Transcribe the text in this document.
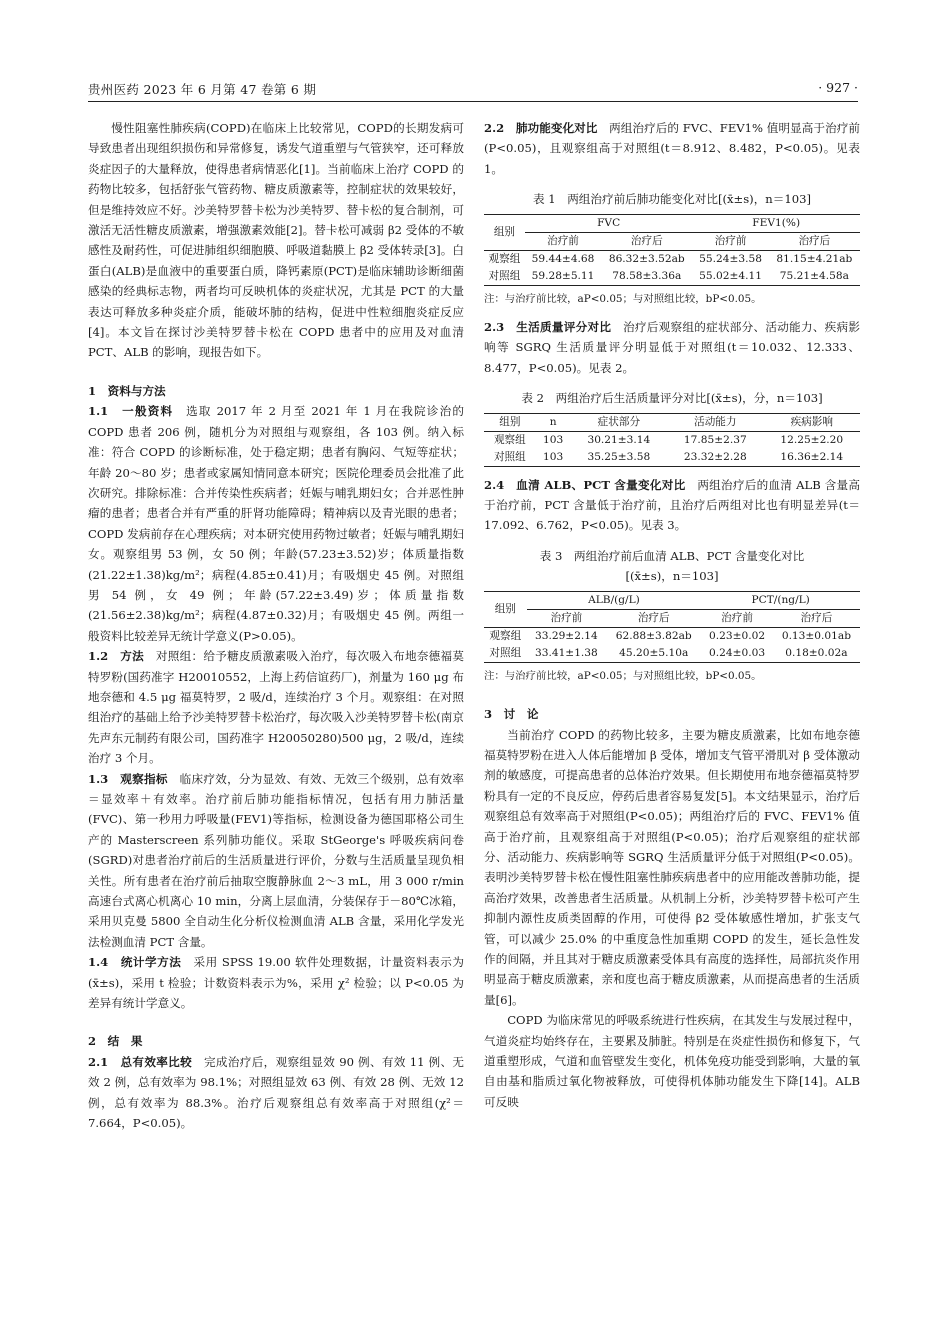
贵州医药 2023 年 6 月第 47 卷第 6 期	· 927 ·

慢性阻塞性肺疾病(COPD)在临床上比较常见，COPD的长期发病可导致患者出现组织损伤和异常修复，诱发气道重塑与气管狭窄，还可释放炎症因子的大量释放，使得患者病情恶化[1]。当前临床上治疗 COPD 的药物比较多，包括舒张气管药物、糖皮质激素等，控制症状的效果较好，但是维持效应不好。沙美特罗替卡松为沙美特罗、替卡松的复合制剂，可激活无活性糖皮质激素，增强激素效能[2]。替卡松可减弱 β2 受体的不敏感性及耐药性，可促进肺组织细胞膜、呼吸道黏膜上 β2 受体转录[3]。白蛋白(ALB)是血液中的重要蛋白质，降钙素原(PCT)是临床辅助诊断细菌感染的经典标志物，两者均可反映机体的炎症状况，尤其是 PCT 的大量表达可释放多种炎症介质，能破坏肺的结构，促进中性粒细胞炎症反应[4]。本文旨在探讨沙美特罗替卡松在 COPD 患者中的应用及对血清 PCT、ALB 的影响，现报告如下。

1　资料与方法

1.1　一般资料　 选取 2017 年 2 月至 2021 年 1 月在我院诊治的 COPD 患者 206 例，随机分为对照组与观察组，各 103 例。纳入标准：符合 COPD 的诊断标准，处于稳定期；患者有胸闷、气短等症状；年龄 20～80 岁；患者或家属知情同意本研究；医院伦理委员会批准了此次研究。排除标准：合并传染性疾病者；妊娠与哺乳期妇女；合并恶性肿瘤的患者；患者合并有严重的肝肾功能障碍；精神病以及青光眼的患者；COPD 发病前存在心理疾病；对本研究使用药物过敏者；妊娠与哺乳期妇女。观察组男 53 例，女 50 例；年龄(57.23±3.52)岁；体质量指数(21.22±1.38)kg/m²；病程(4.85±0.41)月；有吸烟史 45 例。对照组男 54 例，女 49 例；年龄(57.22±3.49)岁；体质量指数(21.56±2.38)kg/m²；病程(4.87±0.32)月；有吸烟史 45 例。两组一般资料比较差异无统计学意义(P>0.05)。

1.2　方法　 对照组：给予糖皮质激素吸入治疗，每次吸入布地奈德福莫特罗粉(国药准字 H20010552，上海上药信谊药厂)，剂量为 160 μg 布地奈德和 4.5 μg 福莫特罗，2 吸/d，连续治疗 3 个月。观察组：在对照组治疗的基础上给予沙美特罗替卡松治疗，每次吸入沙美特罗替卡松(南京先声东元制药有限公司，国药准字 H20050280)500 μg，2 吸/d，连续治疗 3 个月。

1.3　观察指标　 临床疗效，分为显效、有效、无效三个级别，总有效率＝显效率＋有效率。治疗前后肺功能指标情况，包括有用力肺活量(FVC)、第一秒用力呼吸量(FEV1)等指标，检测设备为德国耶格公司生产的 Masterscreen 系列肺功能仪。采取 StGeorge's 呼吸疾病问卷(SGRD)对患者治疗前后的生活质量进行评价，分数与生活质量呈现负相关性。所有患者在治疗前后抽取空腹静脉血 2～3 mL，用 3 000 r/min 高速台式离心机离心 10 min，分离上层血清，分装保存于－80℃冰箱，采用贝克曼 5800 全自动生化分析仪检测血清 ALB 含量，采用化学发光法检测血清 PCT 含量。

1.4　统计学方法　 采用 SPSS 19.00 软件处理数据，计量资料表示为(x̄±s)，采用 t 检验；计数资料表示为%，采用 χ² 检验；以 P<0.05 为差异有统计学意义。

2　结　果

2.1　总有效率比较　 完成治疗后，观察组显效 90 例、有效 11 例、无效 2 例，总有效率为 98.1%；对照组显效 63 例、有效 28 例、无效 12 例，总有效率为 88.3%。治疗后观察组总有效率高于对照组(χ²＝7.664，P<0.05)。

2.2　肺功能变化对比　 两组治疗后的 FVC、FEV1% 值明显高于治疗前(P<0.05)，且观察组高于对照组(t＝8.912、8.482，P<0.05)。见表 1。

表 1　两组治疗前后肺功能变化对比[(x̄±s)，n＝103]

组别	FVC		FEV1(%)	
	治疗前	治疗后	治疗前	治疗后
观察组	59.44±4.68	86.32±3.52ab	55.24±3.58	81.15±4.21ab
对照组	59.28±5.11	78.58±3.36a	55.02±4.11	75.21±4.58a

注：与治疗前比较，aP<0.05；与对照组比较，bP<0.05。

2.3　生活质量评分对比　 治疗后观察组的症状部分、活动能力、疾病影响等 SGRQ 生活质量评分明显低于对照组(t＝10.032、12.333、8.477，P<0.05)。见表 2。

表 2　两组治疗后生活质量评分对比[(x̄±s)，分，n＝103]

组别	n	症状部分	活动能力	疾病影响
观察组	103	30.21±3.14	17.85±2.37	12.25±2.20
对照组	103	35.25±3.58	23.32±2.28	16.36±2.14

2.4　血清 ALB、PCT 含量变化对比　 两组治疗后的血清 ALB 含量高于治疗前，PCT 含量低于治疗前，且治疗后两组对比也有明显差异(t＝17.092、6.762，P<0.05)。见表 3。

表 3　两组治疗前后血清 ALB、PCT 含量变化对比

[(x̄±s)，n＝103]

组别	ALB/(g/L)		PCT/(ng/L)	
	治疗前	治疗后	治疗前	治疗后
观察组	33.29±2.14	62.88±3.82ab	0.23±0.02	0.13±0.01ab
对照组	33.41±1.38	45.20±5.10a	0.24±0.03	0.18±0.02a

注：与治疗前比较，aP<0.05；与对照组比较，bP<0.05。

3　讨　论

当前治疗 COPD 的药物比较多，主要为糖皮质激素，比如布地奈德福莫特罗粉在进入人体后能增加 β 受体，增加支气管平滑肌对 β 受体激动剂的敏感度，可提高患者的总体治疗效果。但长期使用布地奈德福莫特罗粉具有一定的不良反应，停药后患者容易复发[5]。本文结果显示，治疗后观察组总有效率高于对照组(P<0.05)；两组治疗后的 FVC、FEV1% 值高于治疗前，且观察组高于对照组(P<0.05)；治疗后观察组的症状部分、活动能力、疾病影响等 SGRQ 生活质量评分低于对照组(P<0.05)。表明沙美特罗替卡松在慢性阻塞性肺疾病患者中的应用能改善肺功能，提高治疗效果，改善患者生活质量。从机制上分析，沙美特罗替卡松可产生抑制内源性皮质类固醇的作用，可使得 β2 受体敏感性增加，扩张支气管，可以减少 25.0% 的中重度急性加重期 COPD 的发生，延长急性发作的间隔，并且其对于糖皮质激素受体具有高度的选择性，局部抗炎作用明显高于糖皮质激素，亲和度也高于糖皮质激素，从而提高患者的生活质量[6]。

COPD 为临床常见的呼吸系统进行性疾病，在其发生与发展过程中，气道炎症均始终存在，主要累及肺脏。特别是在炎症性损伤和修复下，气道重塑形成，气道和血管壁发生变化，机体免疫功能受到影响，大量的氧自由基和脂质过氧化物被释放，可使得机体肺功能发生下降[14]。ALB 可反映
